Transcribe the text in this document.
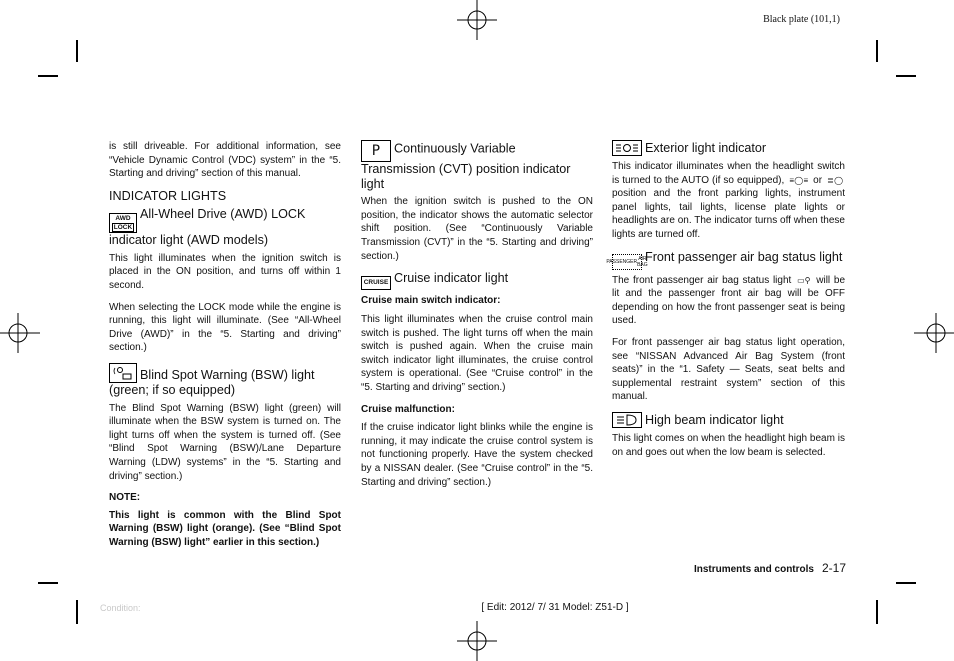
Black plate (101,1)

is still driveable. For additional information, see “Vehicle Dynamic Control (VDC) system” in the “5. Starting and driving” section of this manual.

INDICATOR LIGHTS
AWD
LOCK
All-Wheel Drive (AWD) LOCK indicator light (AWD models)

This light illuminates when the ignition switch is placed in the ON position, and turns off within 1 second.

When selecting the LOCK mode while the engine is running, this light will illuminate. (See “All-Wheel Drive (AWD)” in the “5. Starting and driving” section.)

Blind Spot Warning (BSW) light (green; if so equipped)

The Blind Spot Warning (BSW) light (green) will illuminate when the BSW system is turned on. The light turns off when the system is turned off. (See “Blind Spot Warning (BSW)/Lane Departure Warning (LDW) systems” in the “5. Starting and driving” section.)

NOTE:
This light is common with the Blind Spot Warning (BSW) light (orange). (See “Blind Spot Warning (BSW) light” earlier in this section.)
P Continuously Variable Transmission (CVT) position indicator light

When the ignition switch is pushed to the ON position, the indicator shows the automatic selector shift position. (See “Continuously Variable Transmission (CVT)” in the “5. Starting and driving” section.)

CRUISE Cruise indicator light
Cruise main switch indicator:

This light illuminates when the cruise control main switch is pushed. The light turns off when the main switch is pushed again. When the cruise main switch indicator light illuminates, the cruise control system is operational. (See “Cruise control” in the “5. Starting and driving” section.)

Cruise malfunction:

If the cruise indicator light blinks while the engine is running, it may indicate the cruise control system is not functioning properly. Have the system checked by a NISSAN dealer. (See “Cruise control” in the “5. Starting and driving” section.)

Exterior light indicator

This indicator illuminates when the headlight switch is turned to the AUTO (if so equipped), ≡◯≡ or ≣◯ position and the front parking lights, instrument panel lights, tail lights, license plate lights or headlights are on. The indicator turns off when these lights are turned off.

PASSENGER AIR BAG
Front passenger air bag status light

The front passenger air bag status light ▭⚲ will be lit and the passenger front air bag will be OFF depending on how the front passenger seat is being used.

For front passenger air bag status light operation, see “NISSAN Advanced Air Bag System (front seats)” in the “1. Safety — Seats, seat belts and supplemental restraint system” section of this manual.

High beam indicator light

This light comes on when the headlight high beam is on and goes out when the low beam is selected.

Instruments and controls 2-17
Condition:	[ Edit: 2012/ 7/ 31 Model: Z51-D ]
